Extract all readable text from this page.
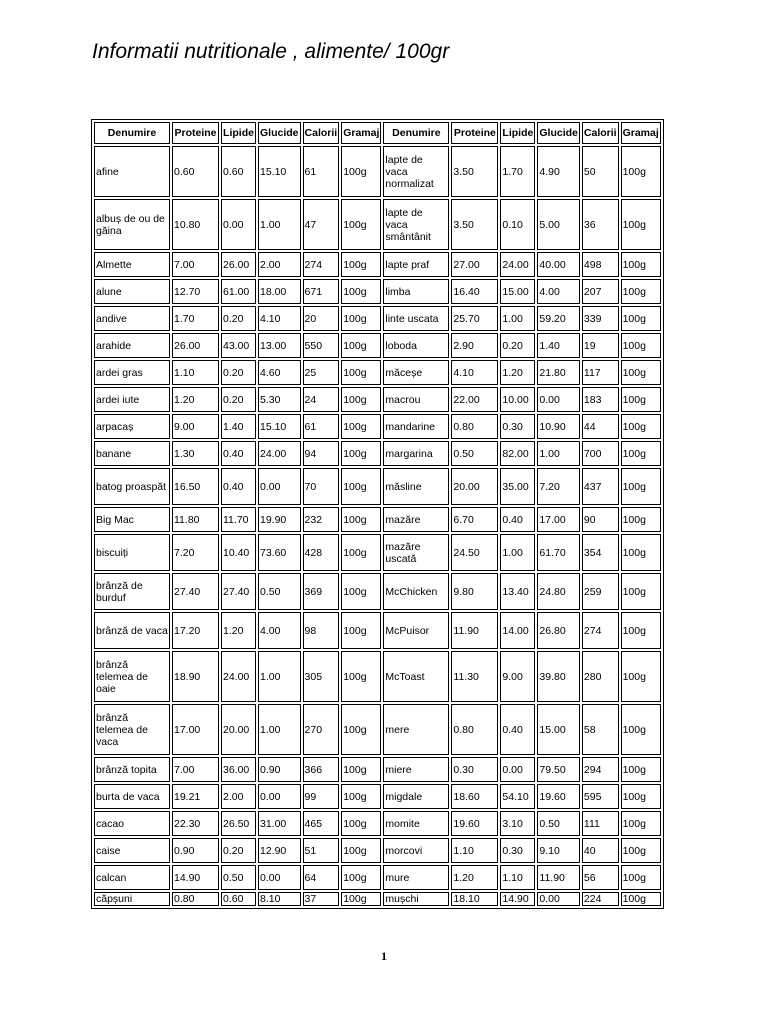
Informatii nutritionale , alimente/ 100gr
Denumire	Proteine	Lipide	Glucide	Calorii	Gramaj	Denumire	Proteine	Lipide	Glucide	Calorii	Gramaj
afine	0.60	0.60	15.10	61	100g	lapte de vaca normalizat	3.50	1.70	4.90	50	100g
albuș de ou de găina	10.80	0.00	1.00	47	100g	lapte de vaca smântânit	3.50	0.10	5.00	36	100g
Almette	7.00	26.00	2.00	274	100g	lapte praf	27.00	24.00	40.00	498	100g
alune	12.70	61.00	18.00	671	100g	limba	16.40	15.00	4.00	207	100g
andive	1.70	0.20	4.10	20	100g	linte uscata	25.70	1.00	59.20	339	100g
arahide	26.00	43.00	13.00	550	100g	loboda	2.90	0.20	1.40	19	100g
ardei gras	1.10	0.20	4.60	25	100g	măceșe	4.10	1.20	21.80	117	100g
ardei iute	1.20	0.20	5.30	24	100g	macrou	22.00	10.00	0.00	183	100g
arpacaș	9.00	1.40	15.10	61	100g	mandarine	0.80	0.30	10.90	44	100g
banane	1.30	0.40	24.00	94	100g	margarina	0.50	82.00	1.00	700	100g
batog proaspăt	16.50	0.40	0.00	70	100g	măsline	20.00	35.00	7.20	437	100g
Big Mac	11.80	11.70	19.90	232	100g	mazăre	6.70	0.40	17.00	90	100g
biscuiți	7.20	10.40	73.60	428	100g	mazăre uscată	24.50	1.00	61.70	354	100g
brânză de burduf	27.40	27.40	0.50	369	100g	McChicken	9.80	13.40	24.80	259	100g
brânză de vaca	17.20	1.20	4.00	98	100g	McPuisor	11.90	14.00	26.80	274	100g
brânză telemea de oaie	18.90	24.00	1.00	305	100g	McToast	11.30	9.00	39.80	280	100g
brânză telemea de vaca	17.00	20.00	1.00	270	100g	mere	0.80	0.40	15.00	58	100g
brânză topita	7.00	36.00	0.90	366	100g	miere	0.30	0.00	79.50	294	100g
burta de vaca	19.21	2.00	0.00	99	100g	migdale	18.60	54.10	19.60	595	100g
cacao	22.30	26.50	31.00	465	100g	momite	19.60	3.10	0.50	111	100g
caise	0.90	0.20	12.90	51	100g	morcovi	1.10	0.30	9.10	40	100g
calcan	14.90	0.50	0.00	64	100g	mure	1.20	1.10	11.90	56	100g
căpșuni	0.80	0.60	8.10	37	100g	mușchi	18.10	14.90	0.00	224	100g
1
